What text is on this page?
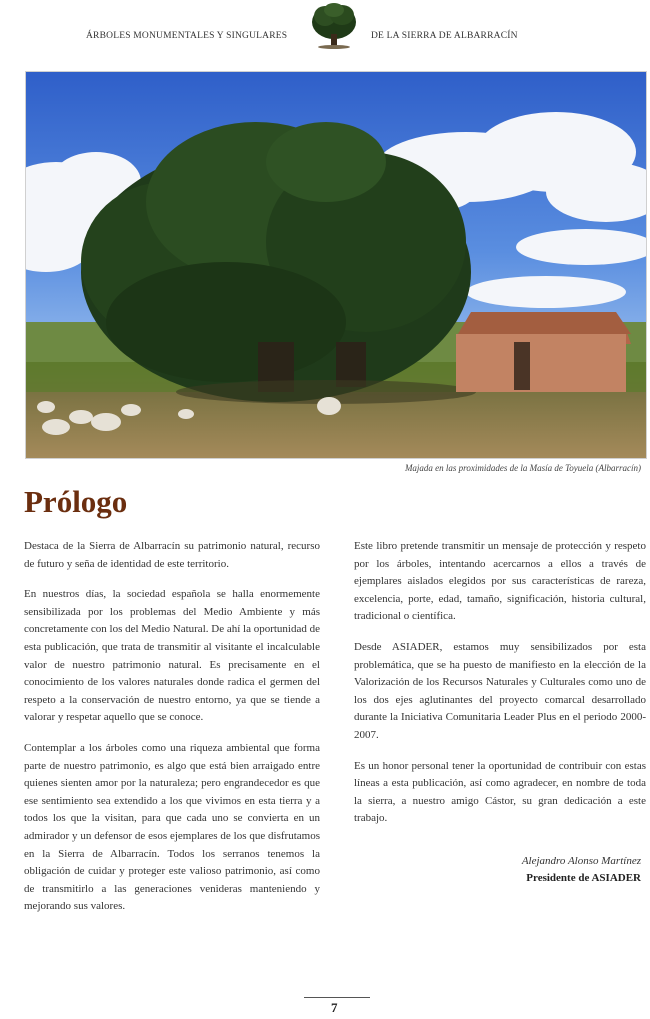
ÁRBOLES MONUMENTALES Y SINGULARES	DE LA SIERRA DE ALBARRACÍN
Majada en las proximidades de la Masía de Toyuela (Albarracín)
Prólogo

Destaca de la Sierra de Albarracín su patrimonio natural, recurso de futuro y seña de identidad de este territorio.

En nuestros días, la sociedad española se halla enormemente sensibilizada por los problemas del Medio Ambiente y más concretamente con los del Medio Natural. De ahí la oportunidad de esta publicación, que trata de transmitir al visitante el incalculable valor de nuestro patrimonio natural. Es precisamente en el conocimiento de los valores naturales donde radica el germen del respeto a la conservación de nuestro entorno, ya que se tiende a valorar y respetar aquello que se conoce.

Contemplar a los árboles como una riqueza ambiental que forma parte de nuestro patrimonio, es algo que está bien arraigado entre quienes sienten amor por la naturaleza; pero engrandecedor es que ese sentimiento sea extendido a los que vivimos en esta tierra y a todos los que la visitan, para que cada uno se convierta en un admirador y un defensor de esos ejemplares de los que disfrutamos en la Sierra de Albarracín. Todos los serranos tenemos la obligación de cuidar y proteger este valioso patrimonio, así como de transmitirlo a las generaciones venideras manteniendo y mejorando sus valores.

Este libro pretende transmitir un mensaje de protección y respeto por los árboles, intentando acercarnos a ellos a través de ejemplares aislados elegidos por sus características de rareza, excelencia, porte, edad, tamaño, significación, historia cultural, tradicional o científica.

Desde ASIADER, estamos muy sensibilizados por esta problemática, que se ha puesto de manifiesto en la elección de la Valorización de los Recursos Naturales y Culturales como uno de los dos ejes aglutinantes del proyecto comarcal desarrollado durante la Iniciativa Comunitaria Leader Plus en el periodo 2000-2007.

Es un honor personal tener la oportunidad de contribuir con estas líneas a esta publicación, así como agradecer, en nombre de toda la sierra, a nuestro amigo Cástor, su gran dedicación a este trabajo.

Alejandro Alonso Martínez
Presidente de ASIADER
7
